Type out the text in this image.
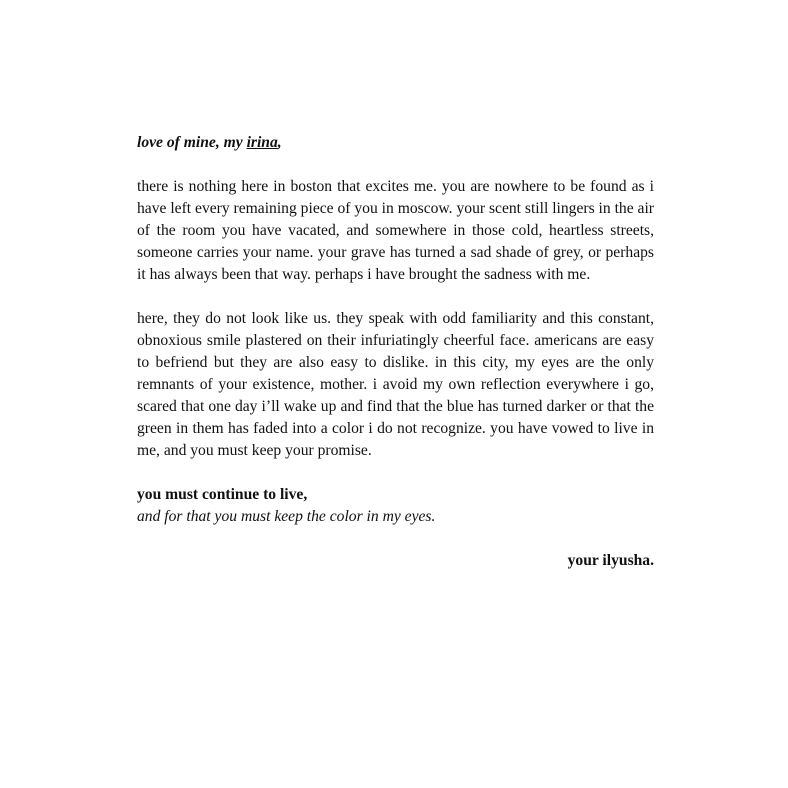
love of mine, my irina,

there is nothing here in boston that excites me. you are nowhere to be found as i have left every remaining piece of you in moscow. your scent still lingers in the air of the room you have vacated, and somewhere in those cold, heartless streets, someone carries your name. your grave has turned a sad shade of grey, or perhaps it has always been that way. perhaps i have brought the sadness with me.

here, they do not look like us. they speak with odd familiarity and this constant, obnoxious smile plastered on their infuriatingly cheerful face. americans are easy to befriend but they are also easy to dislike. in this city, my eyes are the only remnants of your existence, mother. i avoid my own reflection everywhere i go, scared that one day i’ll wake up and find that the blue has turned darker or that the green in them has faded into a color i do not recognize. you have vowed to live in me, and you must keep your promise.

you must continue to live,

and for that you must keep the color in my eyes.

your ilyusha.
